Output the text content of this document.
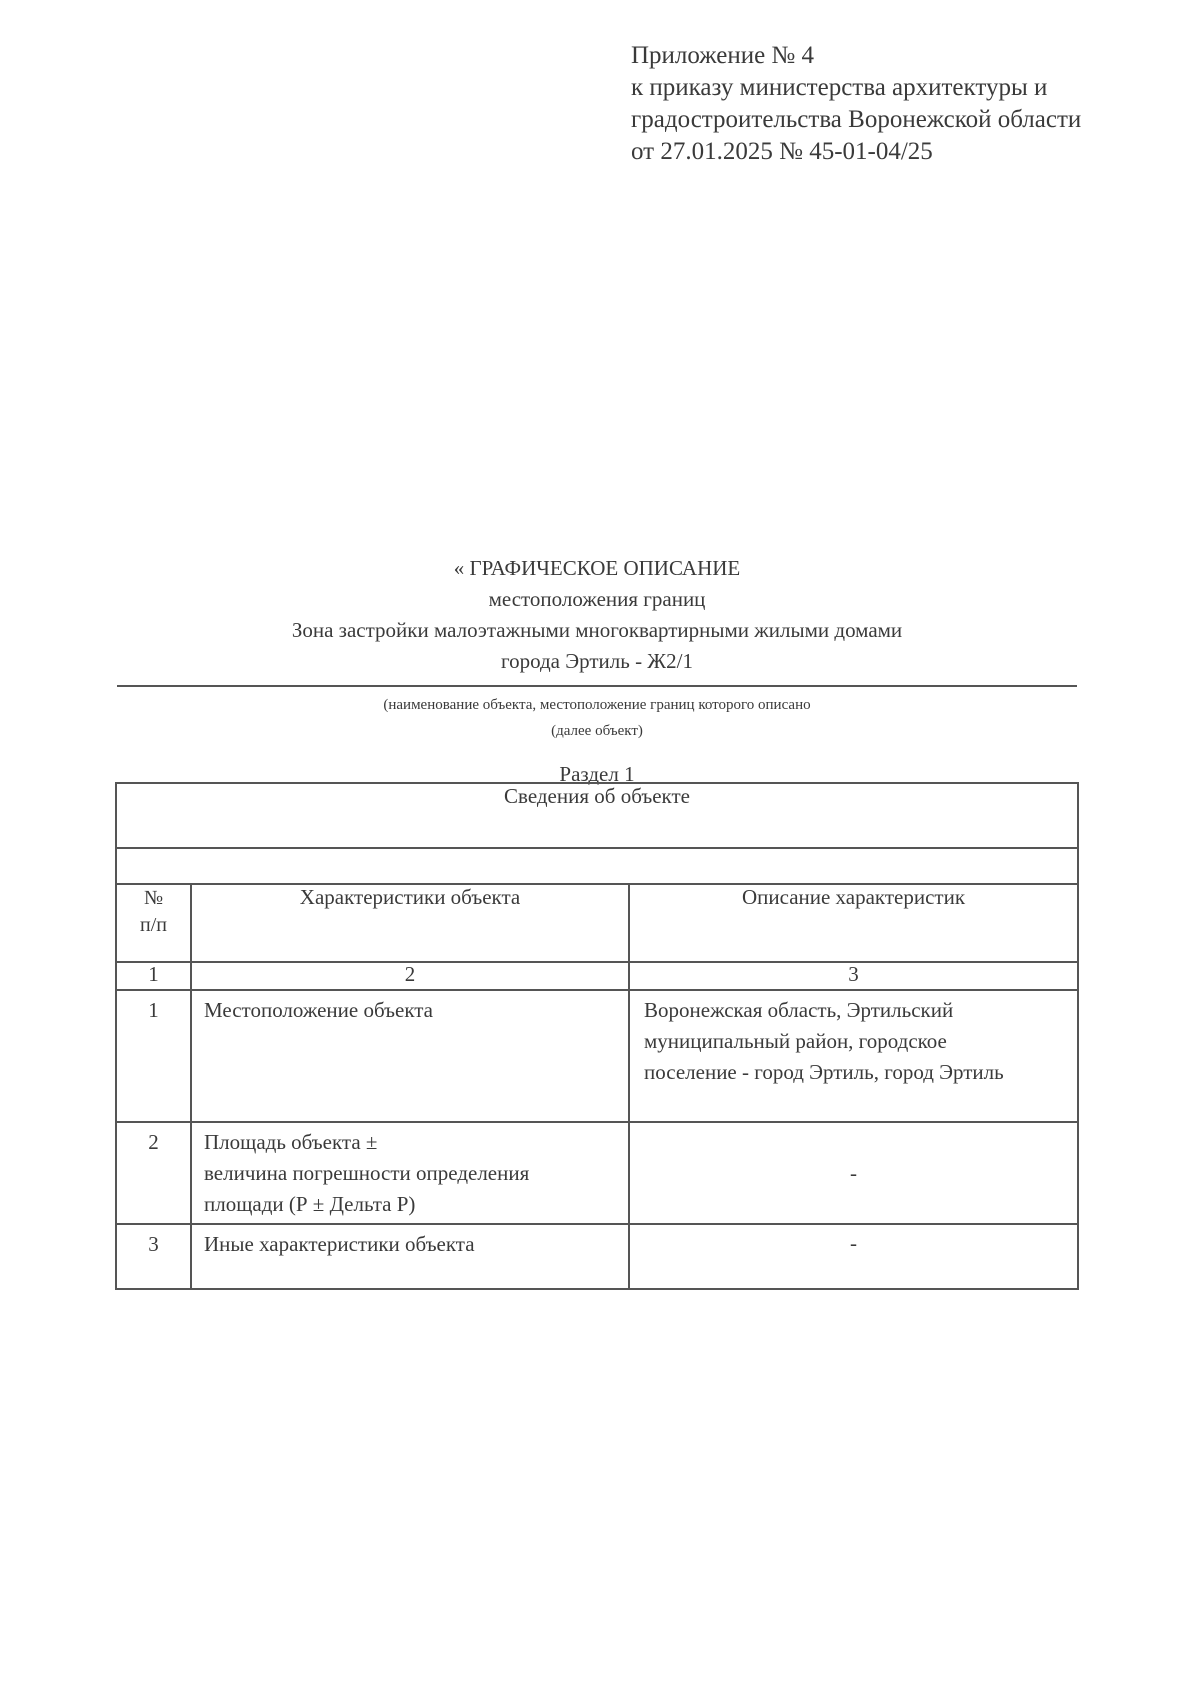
Приложение № 4
к приказу министерства архитектуры и
градостроительства Воронежской области
от 27.01.2025 № 45-01-04/25
« ГРАФИЧЕСКОЕ ОПИСАНИЕ
местоположения границ
Зона застройки малоэтажными многоквартирными жилыми домами
города Эртиль - Ж2/1
(наименование объекта, местоположение границ которого описано
(далее объект)
Раздел 1
Сведения об объекте		

№
п/п	Характеристики объекта	Описание характеристик
1	2	3
1	Местоположение объекта	Воронежская область, Эртильский
муниципальный район, городское
поселение - город Эртиль, город Эртиль

2	Площадь объекта ±
величина погрешности определения
площади (Р ± Дельта Р)	-
3	Иные характеристики объекта	-
